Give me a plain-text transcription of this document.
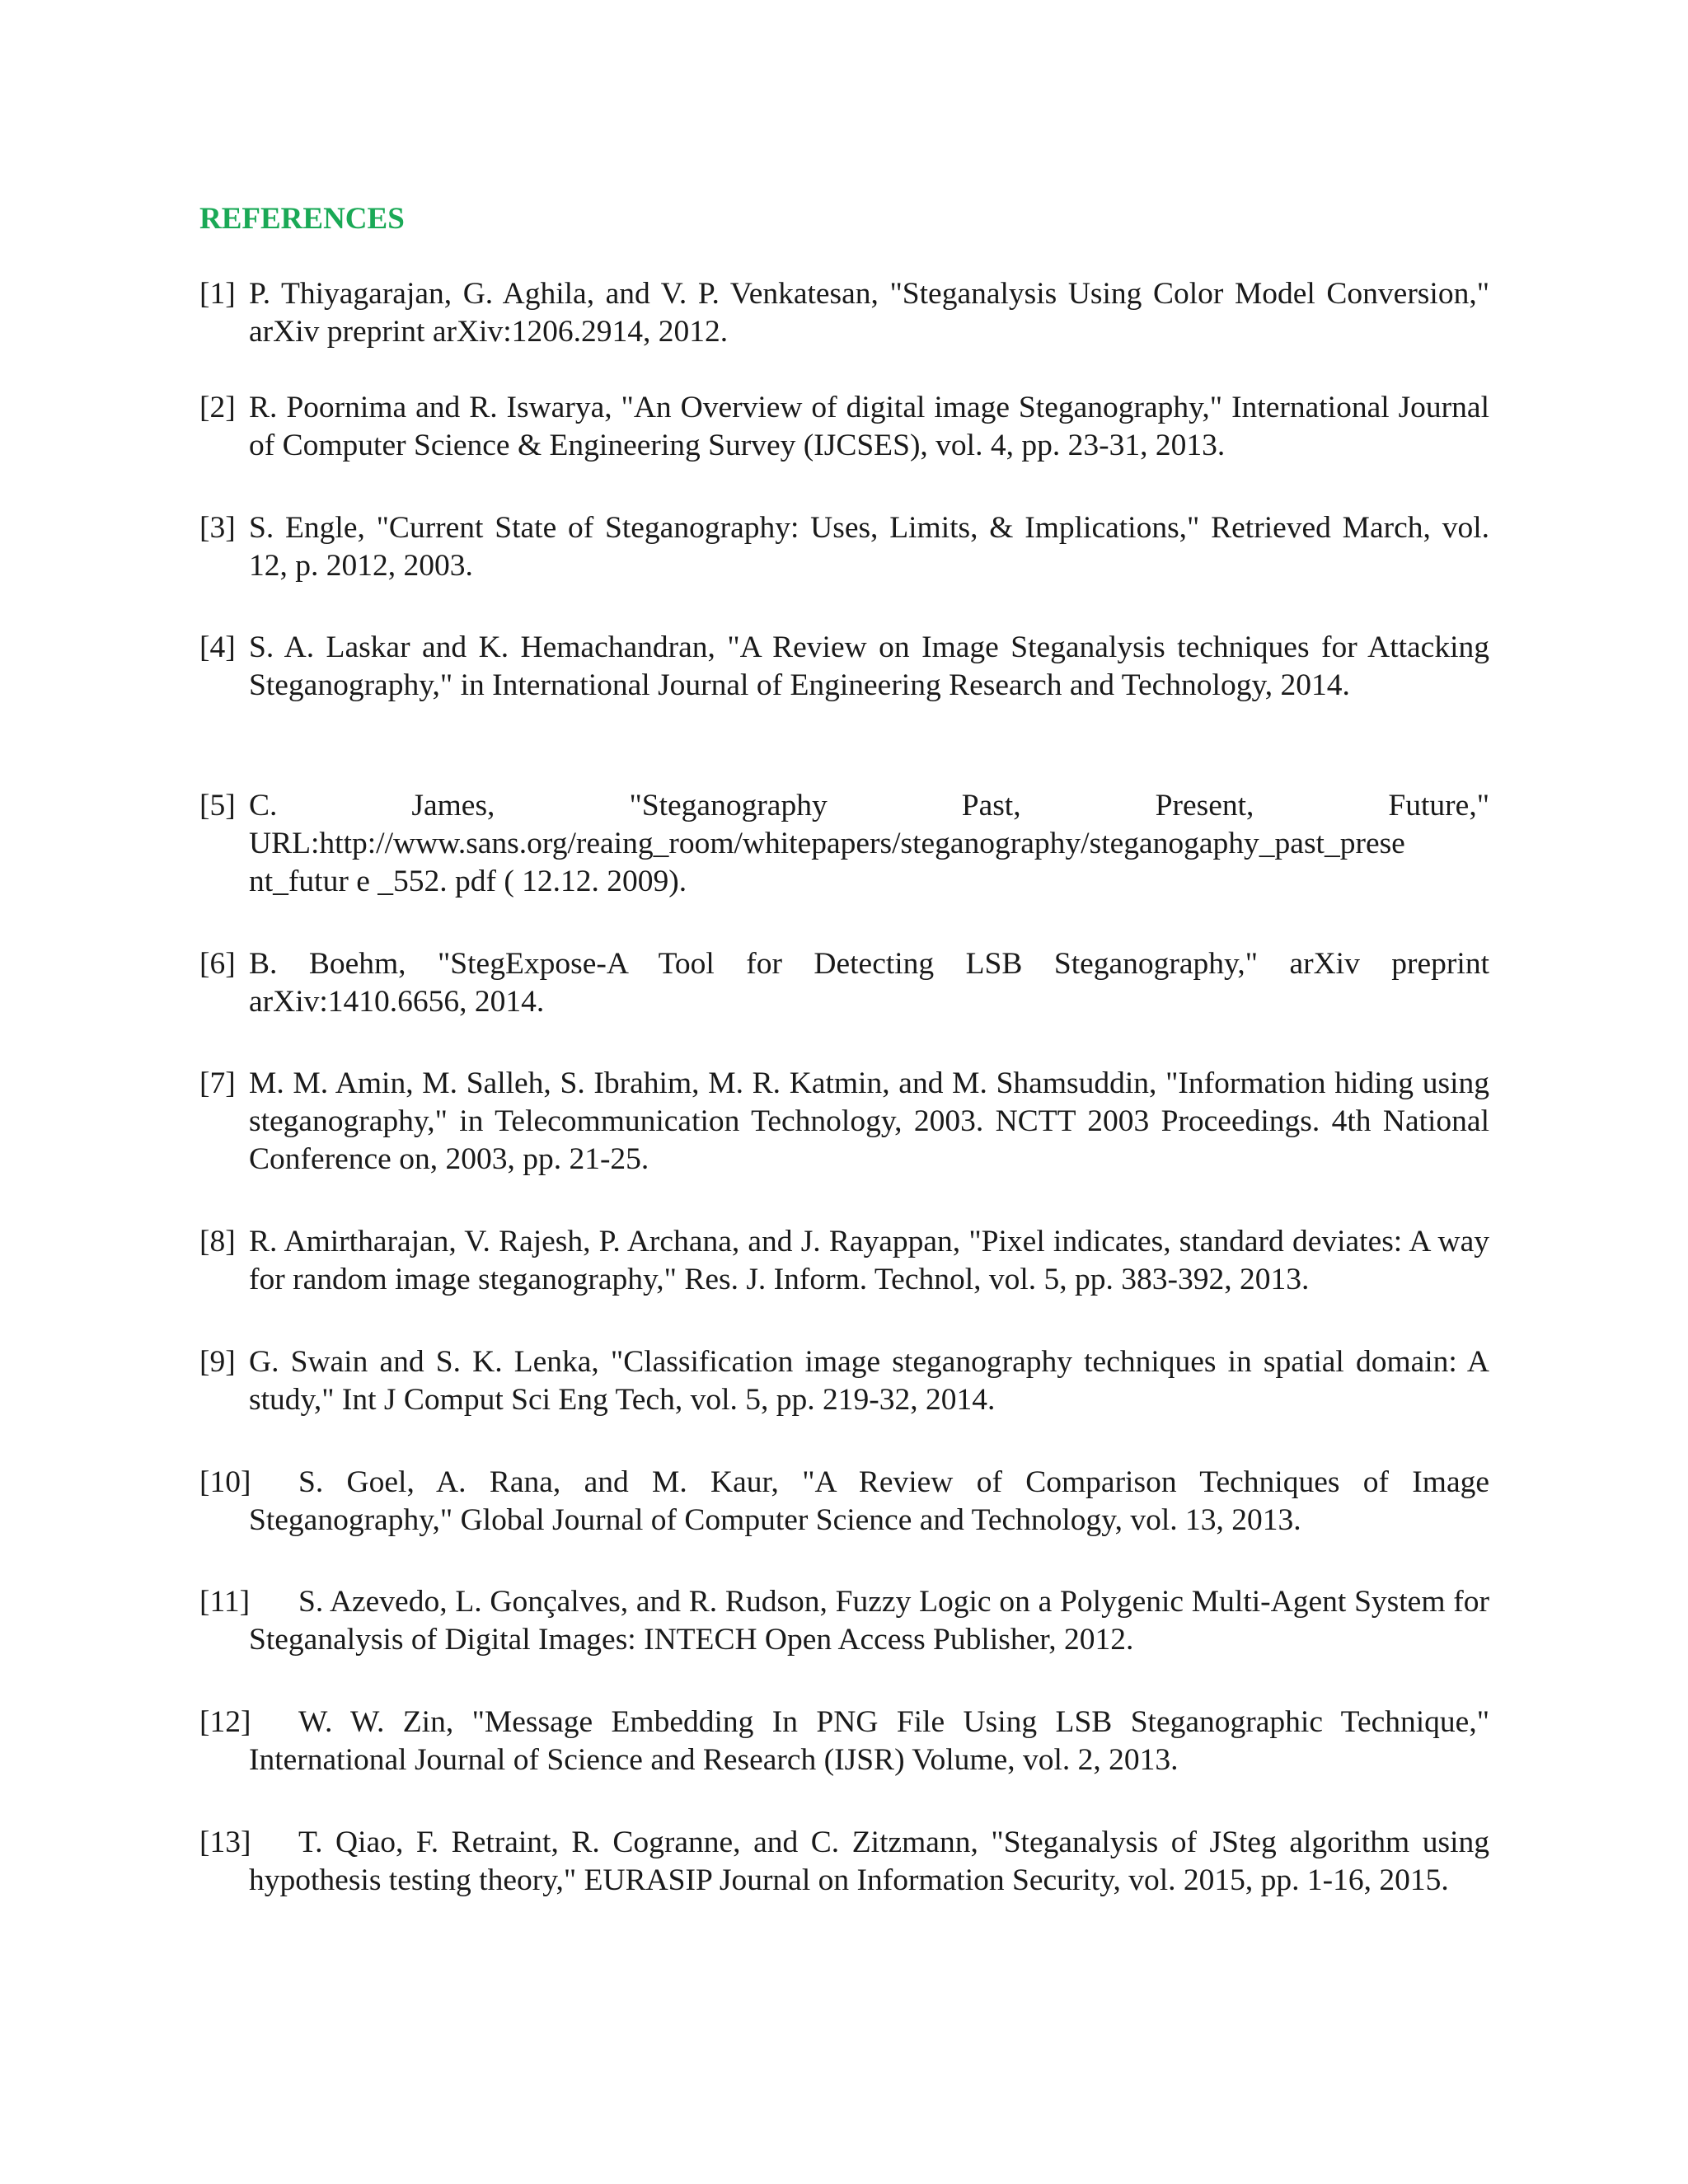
REFERENCES
[1] P. Thiyagarajan, G. Aghila, and V. P. Venkatesan, "Steganalysis Using Color Model Conversion," arXiv preprint arXiv:1206.2914, 2012.
[2] R. Poornima and R. Iswarya, "An Overview of digital image Steganography," International Journal of Computer Science & Engineering Survey (IJCSES), vol. 4, pp. 23-31, 2013.
[3] S. Engle, "Current State of Steganography: Uses, Limits, & Implications," Retrieved March, vol. 12, p. 2012, 2003.
[4] S. A. Laskar and K. Hemachandran, "A Review on Image Steganalysis techniques for Attacking Steganography," in International Journal of Engineering Research and Technology, 2014.
[5] C. James, "Steganography Past, Present, Future," URL:http://www.sans.org/reaing_room/whitepapers/steganography/steganogaphy_past_prese nt_futur e _552. pdf ( 12.12. 2009).
[6] B. Boehm, "StegExpose-A Tool for Detecting LSB Steganography," arXiv preprint arXiv:1410.6656, 2014.
[7] M. M. Amin, M. Salleh, S. Ibrahim, M. R. Katmin, and M. Shamsuddin, "Information hiding using steganography," in Telecommunication Technology, 2003. NCTT 2003 Proceedings. 4th National Conference on, 2003, pp. 21-25.
[8] R. Amirtharajan, V. Rajesh, P. Archana, and J. Rayappan, "Pixel indicates, standard deviates: A way for random image steganography," Res. J. Inform. Technol, vol. 5, pp. 383-392, 2013.
[9] G. Swain and S. K. Lenka, "Classification image steganography techniques in spatial domain: A study," Int J Comput Sci Eng Tech, vol. 5, pp. 219-32, 2014.
[10]	S. Goel, A. Rana, and M. Kaur, "A Review of Comparison Techniques of Image Steganography," Global Journal of Computer Science and Technology, vol. 13, 2013.
[11]	S. Azevedo, L. Gonçalves, and R. Rudson, Fuzzy Logic on a Polygenic Multi-Agent System for Steganalysis of Digital Images: INTECH Open Access Publisher, 2012.
[12]	W. W. Zin, "Message Embedding In PNG File Using LSB Steganographic Technique," International Journal of Science and Research (IJSR) Volume, vol. 2, 2013.
[13]	T. Qiao, F. Retraint, R. Cogranne, and C. Zitzmann, "Steganalysis of JSteg algorithm using hypothesis testing theory," EURASIP Journal on Information Security, vol. 2015, pp. 1-16, 2015.
